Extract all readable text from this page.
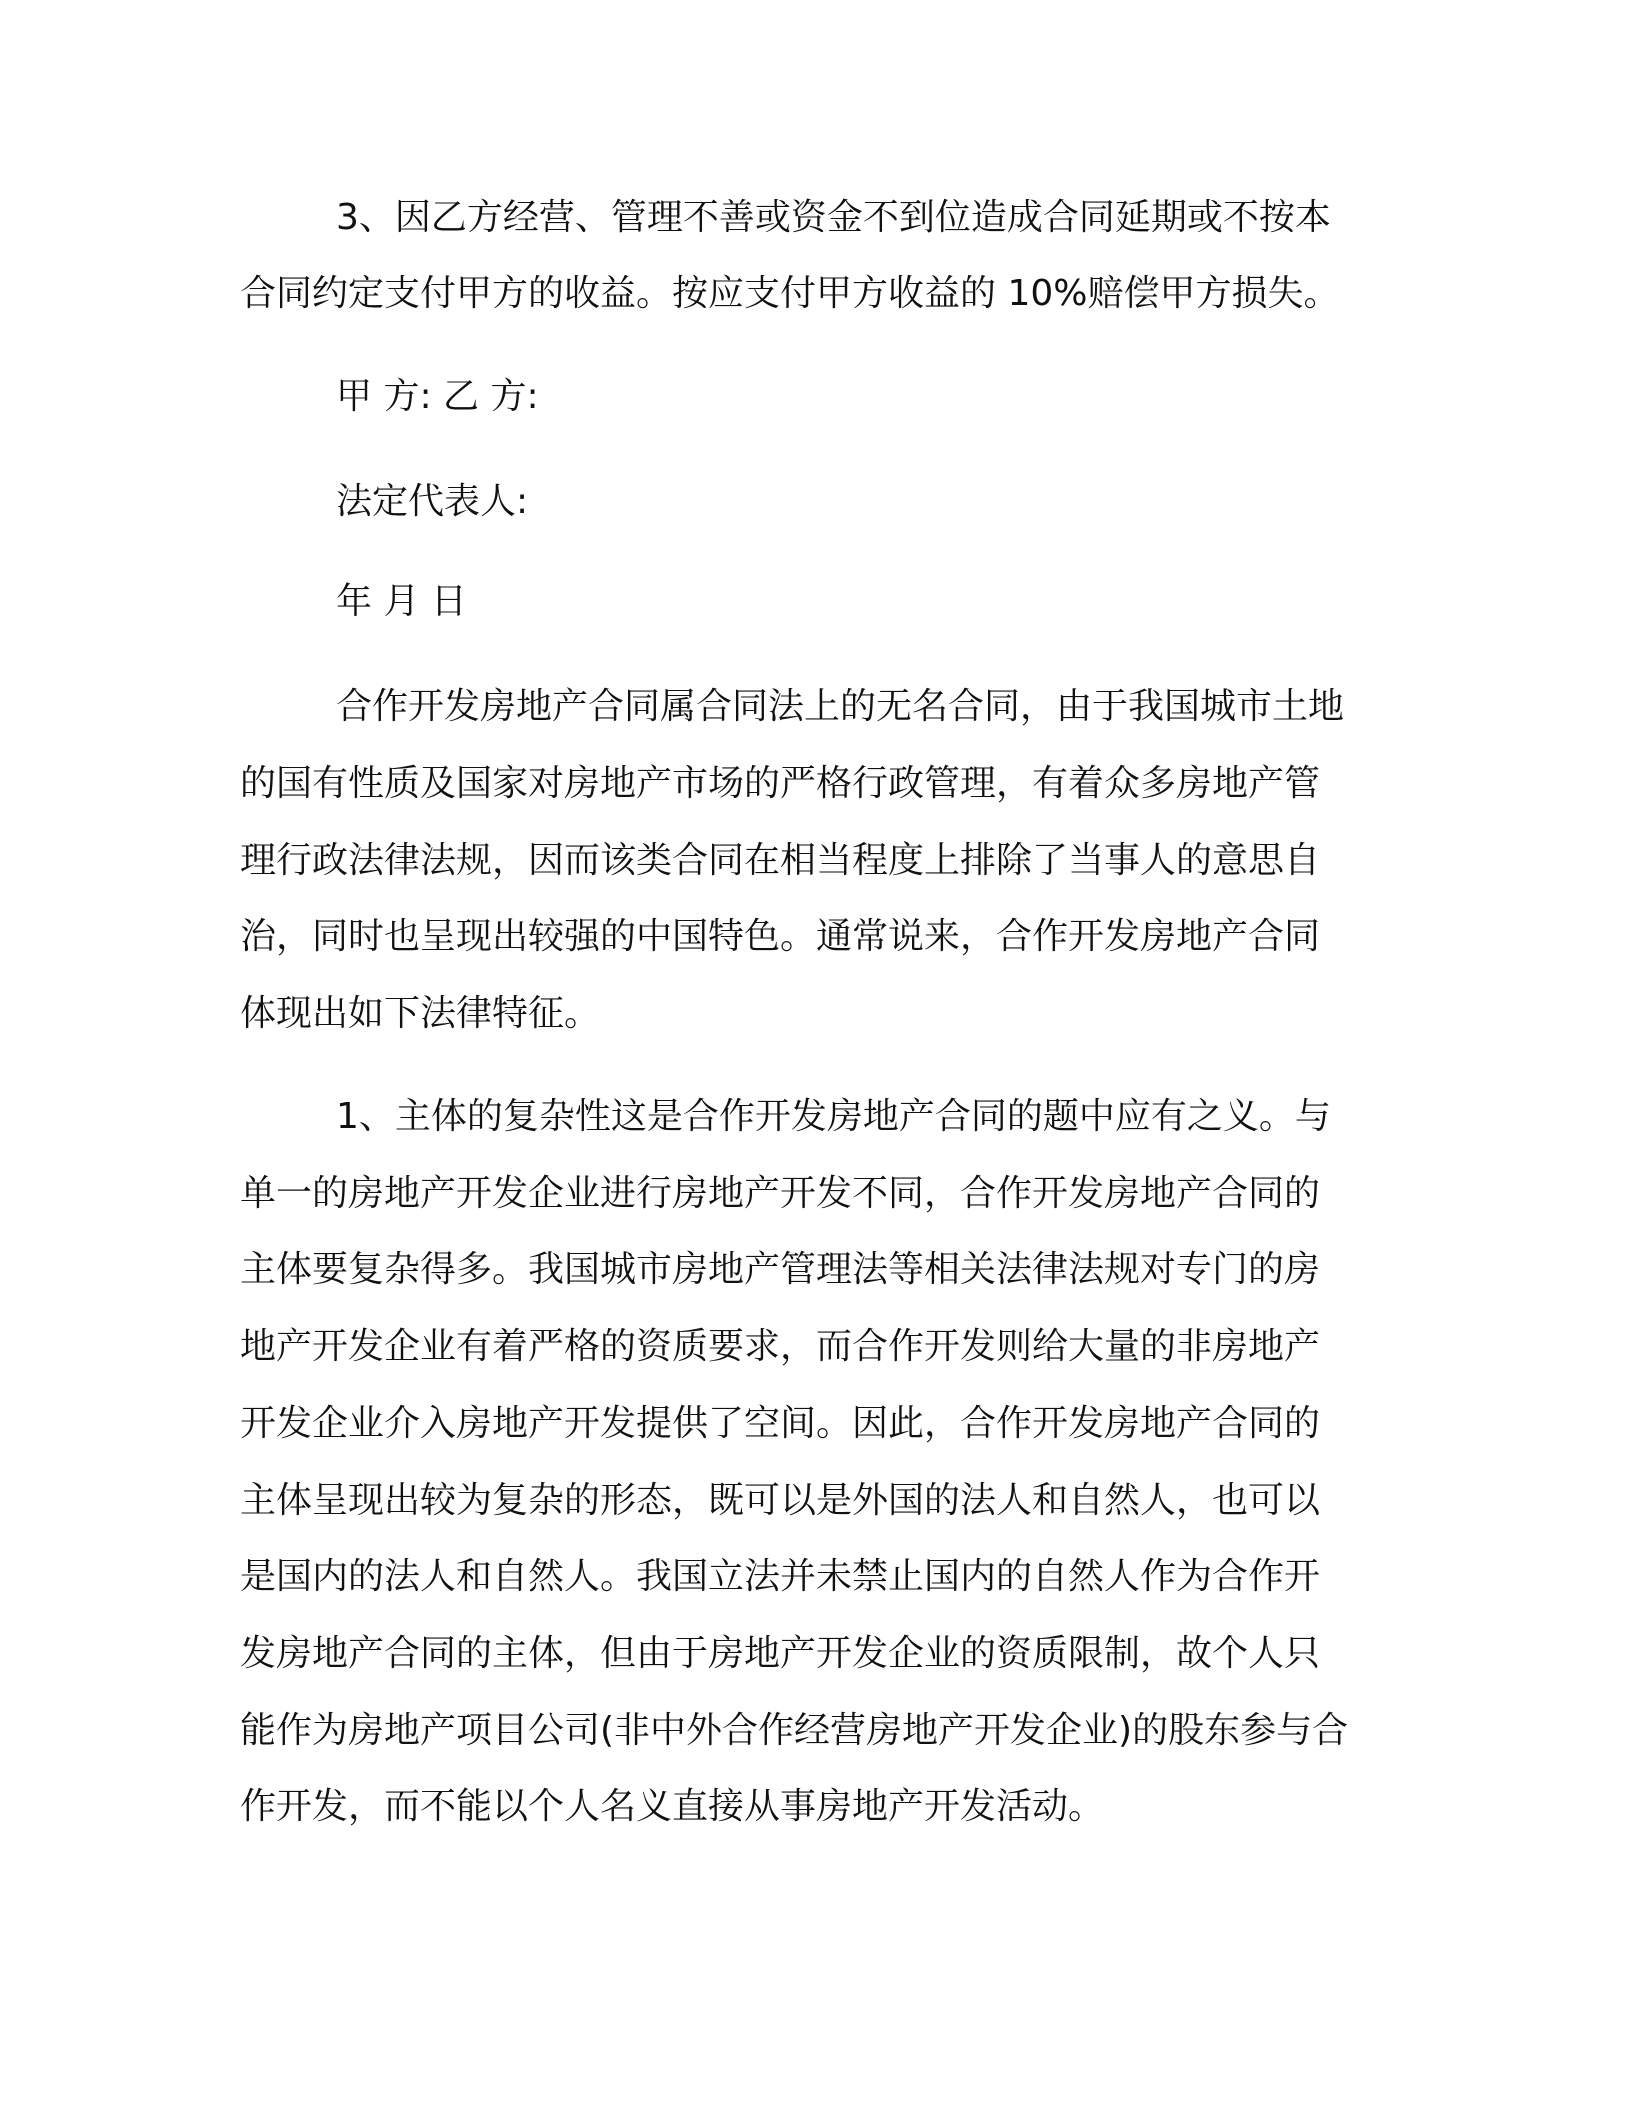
3、因乙方经营、管理不善或资金不到位造成合同延期或不按本

合同约定支付甲方的收益。按应支付甲方收益的 10%赔偿甲方损失。

甲 方: 乙 方:

法定代表人:

年 月 日

合作开发房地产合同属合同法上的无名合同，由于我国城市土地

的国有性质及国家对房地产市场的严格行政管理，有着众多房地产管

理行政法律法规，因而该类合同在相当程度上排除了当事人的意思自

治，同时也呈现出较强的中国特色。通常说来，合作开发房地产合同

体现出如下法律特征。

1、主体的复杂性这是合作开发房地产合同的题中应有之义。与

单一的房地产开发企业进行房地产开发不同，合作开发房地产合同的

主体要复杂得多。我国城市房地产管理法等相关法律法规对专门的房

地产开发企业有着严格的资质要求，而合作开发则给大量的非房地产

开发企业介入房地产开发提供了空间。因此，合作开发房地产合同的

主体呈现出较为复杂的形态，既可以是外国的法人和自然人，也可以

是国内的法人和自然人。我国立法并未禁止国内的自然人作为合作开

发房地产合同的主体，但由于房地产开发企业的资质限制，故个人只

能作为房地产项目公司(非中外合作经营房地产开发企业)的股东参与合

作开发，而不能以个人名义直接从事房地产开发活动。
